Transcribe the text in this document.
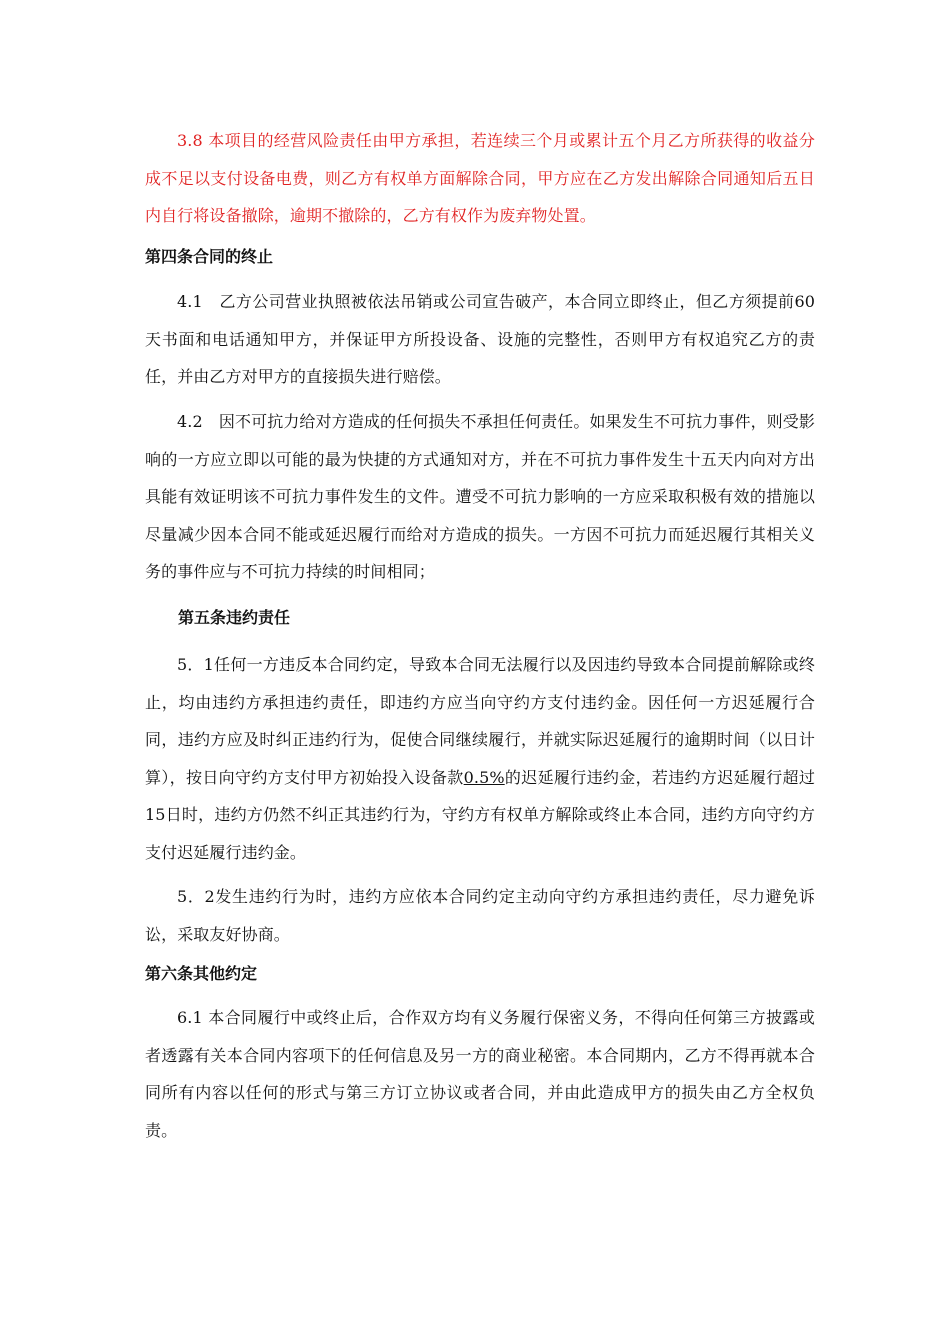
3.8 本项目的经营风险责任由甲方承担，若连续三个月或累计五个月乙方所获得的收益分成不足以支付设备电费，则乙方有权单方面解除合同，甲方应在乙方发出解除合同通知后五日内自行将设备撤除，逾期不撤除的，乙方有权作为废弃物处置。

第四条合同的终止

4.1　乙方公司营业执照被依法吊销或公司宣告破产，本合同立即终止，但乙方须提前60天书面和电话通知甲方，并保证甲方所投设备、设施的完整性，否则甲方有权追究乙方的责任，并由乙方对甲方的直接损失进行赔偿。

4.2　因不可抗力给对方造成的任何损失不承担任何责任。如果发生不可抗力事件，则受影响的一方应立即以可能的最为快捷的方式通知对方，并在不可抗力事件发生十五天内向对方出具能有效证明该不可抗力事件发生的文件。遭受不可抗力影响的一方应采取积极有效的措施以尽量减少因本合同不能或延迟履行而给对方造成的损失。一方因不可抗力而延迟履行其相关义务的事件应与不可抗力持续的时间相同；

第五条违约责任

5．1任何一方违反本合同约定，导致本合同无法履行以及因违约导致本合同提前解除或终止，均由违约方承担违约责任，即违约方应当向守约方支付违约金。因任何一方迟延履行合同，违约方应及时纠正违约行为，促使合同继续履行，并就实际迟延履行的逾期时间（以日计算），按日向守约方支付甲方初始投入设备款0.5%的迟延履行违约金，若违约方迟延履行超过15日时，违约方仍然不纠正其违约行为，守约方有权单方解除或终止本合同，违约方向守约方支付迟延履行违约金。

5．2发生违约行为时，违约方应依本合同约定主动向守约方承担违约责任，尽力避免诉讼，采取友好协商。

第六条其他约定

6.1 本合同履行中或终止后，合作双方均有义务履行保密义务，不得向任何第三方披露或者透露有关本合同内容项下的任何信息及另一方的商业秘密。本合同期内，乙方不得再就本合同所有内容以任何的形式与第三方订立协议或者合同，并由此造成甲方的损失由乙方全权负责。
